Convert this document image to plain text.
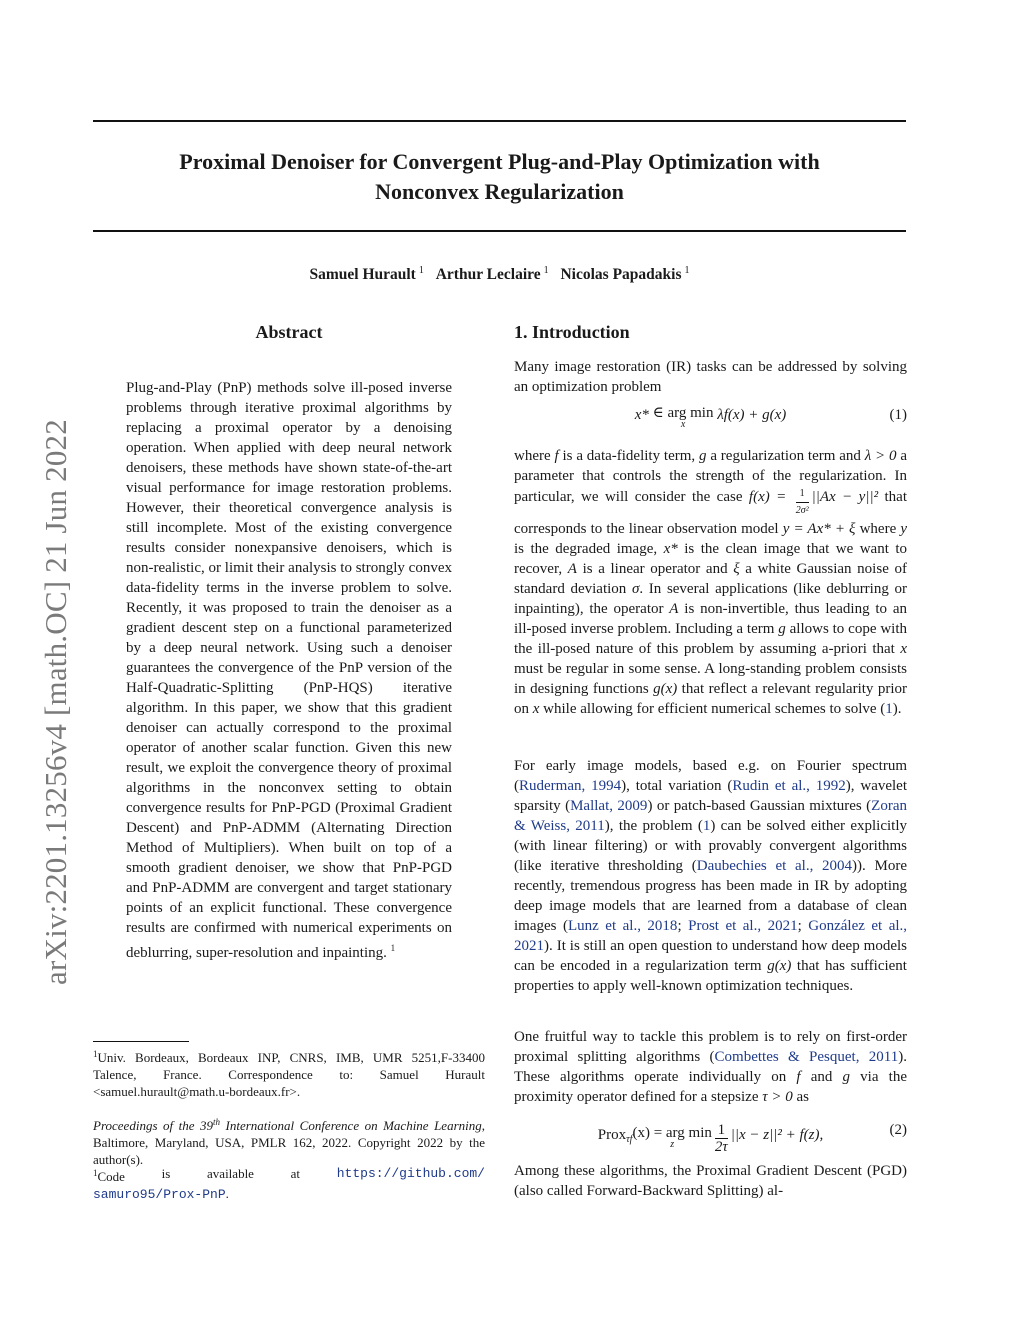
Proximal Denoiser for Convergent Plug-and-Play Optimization with
Nonconvex Regularization
Samuel Hurault $^1$ Arthur Leclaire $^1$ Nicolas Papadakis $^1$
arXiv:2201.13256v4 [math.OC] 21 Jun 2022
Abstract
Plug-and-Play (PnP) methods solve ill-posed inverse problems through iterative proximal algorithms by replacing a proximal operator by a denoising operation. When applied with deep neural network denoisers, these methods have shown state-of-the-art visual performance for image restoration problems. However, their theoretical convergence analysis is still incomplete. Most of the existing convergence results consider nonexpansive denoisers, which is non-realistic, or limit their analysis to strongly convex data-fidelity terms in the inverse problem to solve. Recently, it was proposed to train the denoiser as a gradient descent step on a functional parameterized by a deep neural network. Using such a denoiser guarantees the convergence of the PnP version of the Half-Quadratic-Splitting (PnP-HQS) iterative algorithm. In this paper, we show that this gradient denoiser can actually correspond to the proximal operator of another scalar function. Given this new result, we exploit the convergence theory of proximal algorithms in the nonconvex setting to obtain convergence results for PnP-PGD (Proximal Gradient Descent) and PnP-ADMM (Alternating Direction Method of Multipliers). When built on top of a smooth gradient denoiser, we show that PnP-PGD and PnP-ADMM are convergent and target stationary points of an explicit functional. These convergence results are confirmed with numerical experiments on deblurring, super-resolution and inpainting. $^1$
$^1$Univ. Bordeaux, Bordeaux INP, CNRS, IMB, UMR 5251,F-33400 Talence, France. Correspondence to: Samuel Hurault <samuel.hurault@math.u-bordeaux.fr>.
Proceedings of the 39th International Conference on Machine Learning, Baltimore, Maryland, USA, PMLR 162, 2022. Copyright 2022 by the author(s).
$^1$Code	is	available	at	https://github.com/
samuro95/Prox-PnP.
1. Introduction
Many image restoration (IR) tasks can be addressed by solving an optimization problem
x* ∈ arg min
x
λf(x) + g(x)	(1)
where f is a data-fidelity term, g a regularization term and λ > 0 a parameter that controls the strength of the regularization. In particular, we will consider the case $f(x) = \frac{1}{\text{2σ²}} ||Ax - y||^2$ that corresponds to the linear observation model y = Ax* + ξ where y is the degraded image, x* is the clean image that we want to recover, A is a linear operator and ξ a white Gaussian noise of standard deviation σ. In several applications (like deblurring or inpainting), the operator A is non-invertible, thus leading to an ill-posed inverse problem. Including a term g allows to cope with the ill-posed nature of this problem by assuming a-priori that x must be regular in some sense. A long-standing problem consists in designing functions g(x) that reflect a relevant regularity prior on x while allowing for efficient numerical schemes to solve (1).
For early image models, based e.g. on Fourier spectrum (Ruderman, 1994), total variation (Rudin et al., 1992), wavelet sparsity (Mallat, 2009) or patch-based Gaussian mixtures (Zoran & Weiss, 2011), the problem (1) can be solved either explicitly (with linear filtering) or with provably convergent algorithms (like iterative thresholding (Daubechies et al., 2004)). More recently, tremendous progress has been made in IR by adopting deep image models that are learned from a database of clean images (Lunz et al., 2018; Prost et al., 2021; González et al., 2021). It is still an open question to understand how deep models can be encoded in a regularization term g(x) that has sufficient properties to apply well-known optimization techniques.
One fruitful way to tackle this problem is to rely on first-order proximal splitting algorithms (Combettes & Pesquet, 2011). These algorithms operate individually on f and g via the proximity operator defined for a stepsize τ > 0 as
Prox$_{\tau f}$(x) = arg min
z	$\frac{1}{2\tau} ||x - z||^2 + f(z)$,	(2)
Among these algorithms, the Proximal Gradient Descent (PGD) (also called Forward-Backward Splitting) al-
